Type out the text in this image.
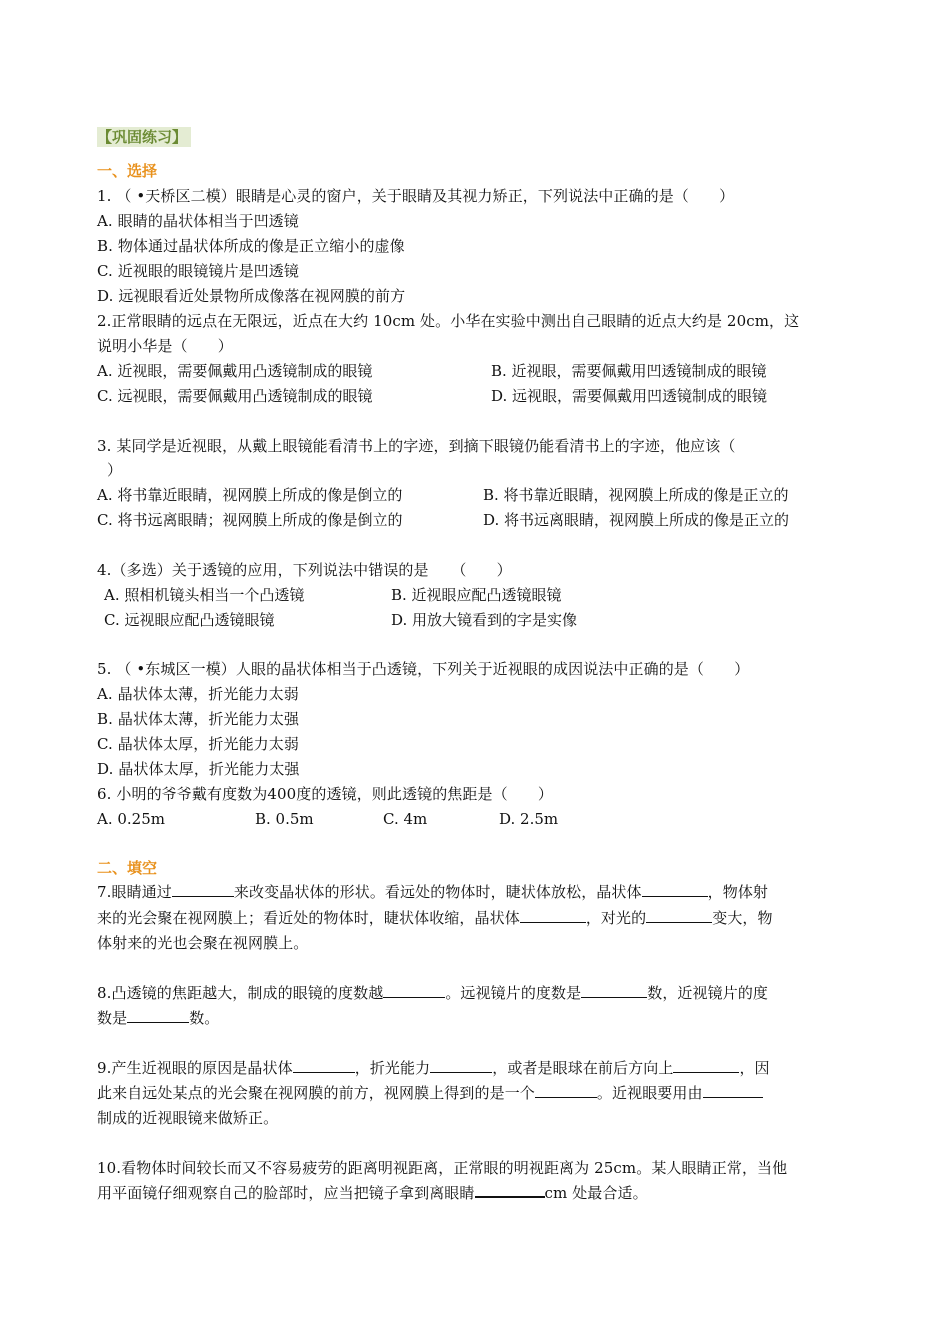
【巩固练习】
一、选择
1. （ •天桥区二模）眼睛是心灵的窗户，关于眼睛及其视力矫正，下列说法中正确的是（　　）
A. 眼睛的晶状体相当于凹透镜
B. 物体通过晶状体所成的像是正立缩小的虚像
C. 近视眼的眼镜镜片是凹透镜
D. 远视眼看近处景物所成像落在视网膜的前方
2.正常眼睛的远点在无限远，近点在大约 10cm 处。小华在实验中测出自己眼睛的近点大约是 20cm，这
说明小华是（　　）
A. 近视眼，需要佩戴用凸透镜制成的眼镜	B. 近视眼，需要佩戴用凹透镜制成的眼镜
C. 远视眼，需要佩戴用凸透镜制成的眼镜	D. 远视眼，需要佩戴用凹透镜制成的眼镜
3. 某同学是近视眼，从戴上眼镜能看清书上的字迹，到摘下眼镜仍能看清书上的字迹，他应该（
）
A. 将书靠近眼睛，视网膜上所成的像是倒立的	B. 将书靠近眼睛，视网膜上所成的像是正立的
C. 将书远离眼睛；视网膜上所成的像是倒立的	D. 将书远离眼睛，视网膜上所成的像是正立的
4.（多选）关于透镜的应用，下列说法中错误的是　　（　　）
A. 照相机镜头相当一个凸透镜	B. 近视眼应配凸透镜眼镜
C. 远视眼应配凸透镜眼镜	D. 用放大镜看到的字是实像
5. （ •东城区一模）人眼的晶状体相当于凸透镜，下列关于近视眼的成因说法中正确的是（　　）
A. 晶状体太薄，折光能力太弱
B. 晶状体太薄，折光能力太强
C. 晶状体太厚，折光能力太弱
D. 晶状体太厚，折光能力太强
6. 小明的爷爷戴有度数为400度的透镜，则此透镜的焦距是（　　）
A. 0.25m	B. 0.5m	C. 4m	D. 2.5m
二、填空
7.眼睛通过	来改变晶状体的形状。看远处的物体时，睫状体放松，晶状体	，物体射
来的光会聚在视网膜上；看近处的物体时，睫状体收缩，晶状体	，对光的	变大，物
体射来的光也会聚在视网膜上。
8.凸透镜的焦距越大，制成的眼镜的度数越	。远视镜片的度数是	数，近视镜片的度
数是	数。
9.产生近视眼的原因是晶状体	，折光能力	，或者是眼球在前后方向上	，因
此来自远处某点的光会聚在视网膜的前方，视网膜上得到的是一个	。近视眼要用由
制成的近视眼镜来做矫正。
10.看物体时间较长而又不容易疲劳的距离明视距离，正常眼的明视距离为 25cm。某人眼睛正常，当他
用平面镜仔细观察自己的脸部时，应当把镜子拿到离眼睛	cm 处最合适。
